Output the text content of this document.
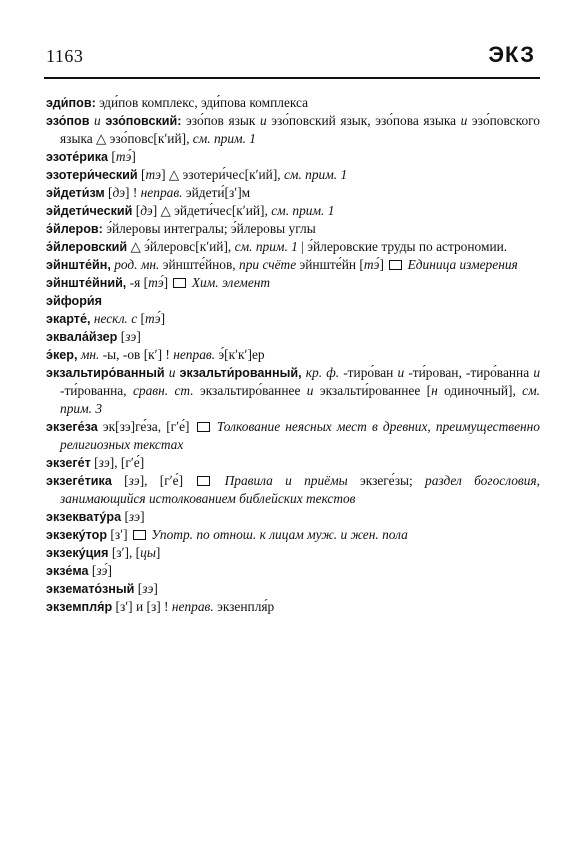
1163	ЭКЗ
эди́пов: эди́пов комплекс, эди́пова комплекса
эзо́пов и эзо́повский: эзо́пов язык и эзо́повский язык, эзо́пова языка и эзо́повского языка △ эзо́повс[кʹий], см. прим. 1
эзоте́рика [тэ́]
эзотери́ческий [тэ] △ эзотери́чес[кʹий], см. прим. 1
эйдети́зм [дэ] ! неправ. эйдети́[зʹ]м
эйдети́ческий [дэ] △ эйдети́чес[кʹий], см. прим. 1
э́йлеров: э́йлеровы интегралы; э́йлеровы углы
э́йлеровский △ э́йлеровс[кʹий], см. прим. 1 | э́йлеровские труды по астрономии.
эйнште́йн, род. мн. эйнште́йнов, при счёте эйнште́йн [тэ́]  Единица измерения
эйнште́йний, -я [тэ́]  Хим. элемент
эйфори́я
экарте́, нескл. с [тэ́]
эквала́йзер [зэ]
э́кер, мн. -ы, -ов [кʹ] ! неправ. э́[кʹкʹ]ер
экзальтиро́ванный и экзальти́рованный, кр. ф. -тиро́ван и -ти́рован, -тиро́ванна и -ти́рованна, сравн. ст. экзальтиро́ваннее и экзальти́рованнее [н одиночный], см. прим. 3
экзеге́за эк[зэ]ге́за, [гʹе́]  Толкование неясных мест в древних, преимущественно религиозных текстах
экзеге́т [зэ], [гʹе́]
экзеге́тика [зэ], [гʹе́]  Правила и приёмы экзеге́зы; раздел богословия, занимающийся истолкованием библейских текстов
экзекватýра [зэ]
экзекýтор [зʹ]  Употр. по отнош. к лицам муж. и жен. пола
экзекýция [зʹ], [цы]
экзе́ма [зэ́]
экземато́зный [зэ]
экземпля́р [зʹ] и [з] ! неправ. экзенпля́р
